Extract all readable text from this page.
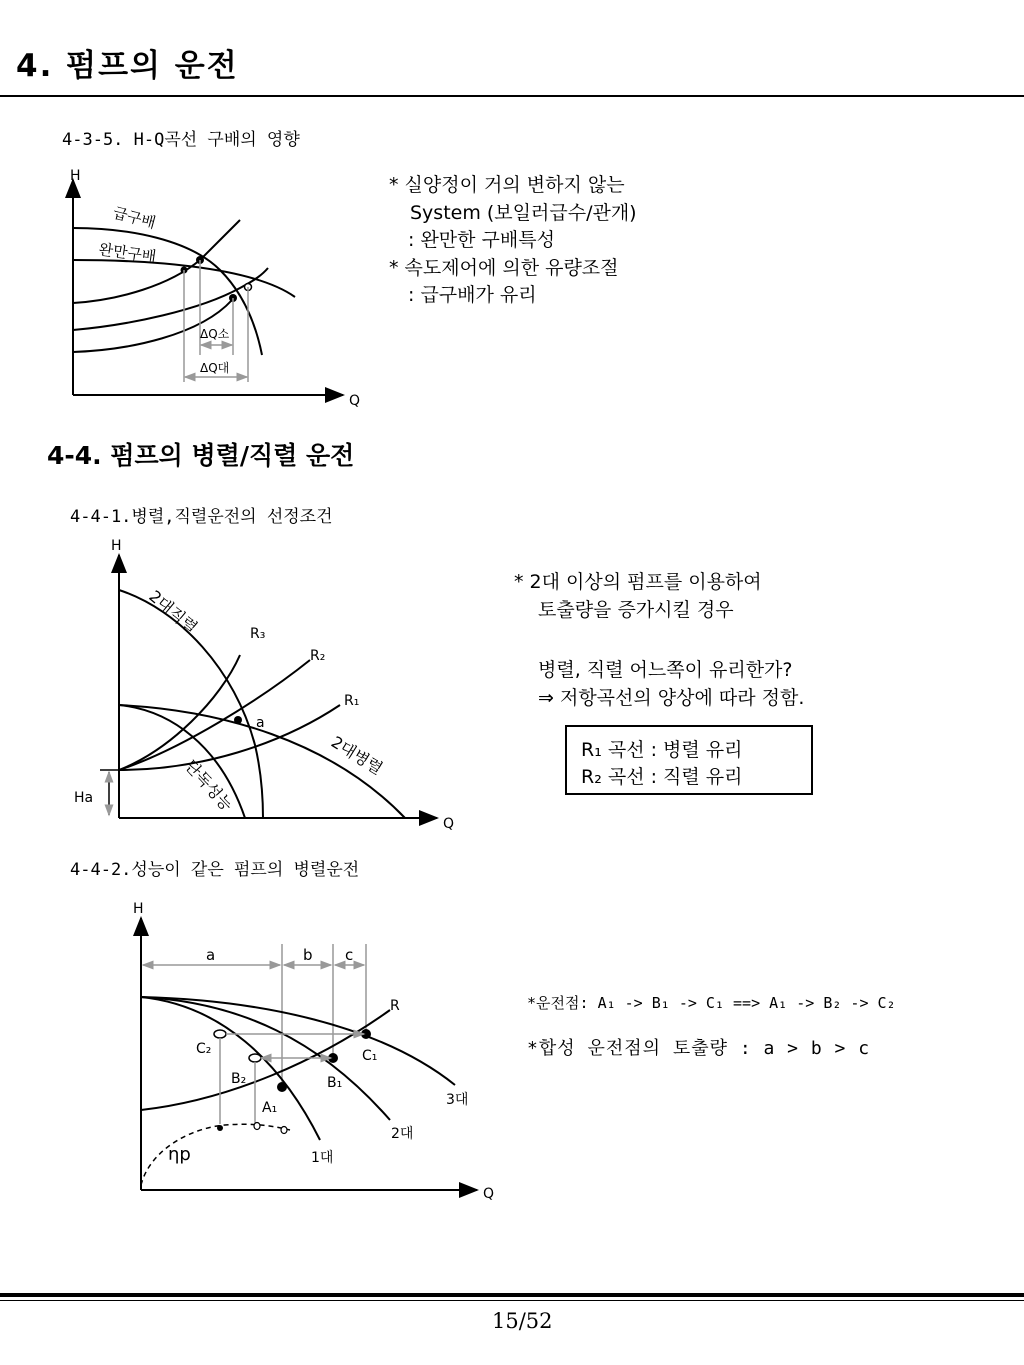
4. 펌프의 운전
4-3-5. H-Q곡선 구배의 영향
H
Q
ΔQ소
ΔQ대
급구배
완만구배
* 실양정이 거의 변하지 않는
System (보일러급수/관개)
: 완만한 구배특성
* 속도제어에 의한 유량조절
: 급구배가 유리
4-4. 펌프의 병렬/직렬 운전
4-4-1.병렬,직렬운전의 선정조건
H
Q
Ha
a
R₃
R₂
R₁
2대직렬
2대병렬
단독성능
* 2대 이상의 펌프를 이용하여
토출량을 증가시킬 경우
병렬, 직렬 어느쪽이 유리한가?
⇒ 저항곡선의 양상에 따라 정함.
R₁ 곡선 : 병렬 유리
R₂ 곡선 : 직렬 유리
4-4-2.성능이 같은 펌프의 병렬운전
H
Q
a	b c
R
C₂
B₂
A₁
B₁
C₁
3대
2대
1대
ηp
*운전점: A₁ -> B₁ -> C₁ ==> A₁ -> B₂ -> C₂
*합성 운전점의 토출량 : a > b > c
15/52
